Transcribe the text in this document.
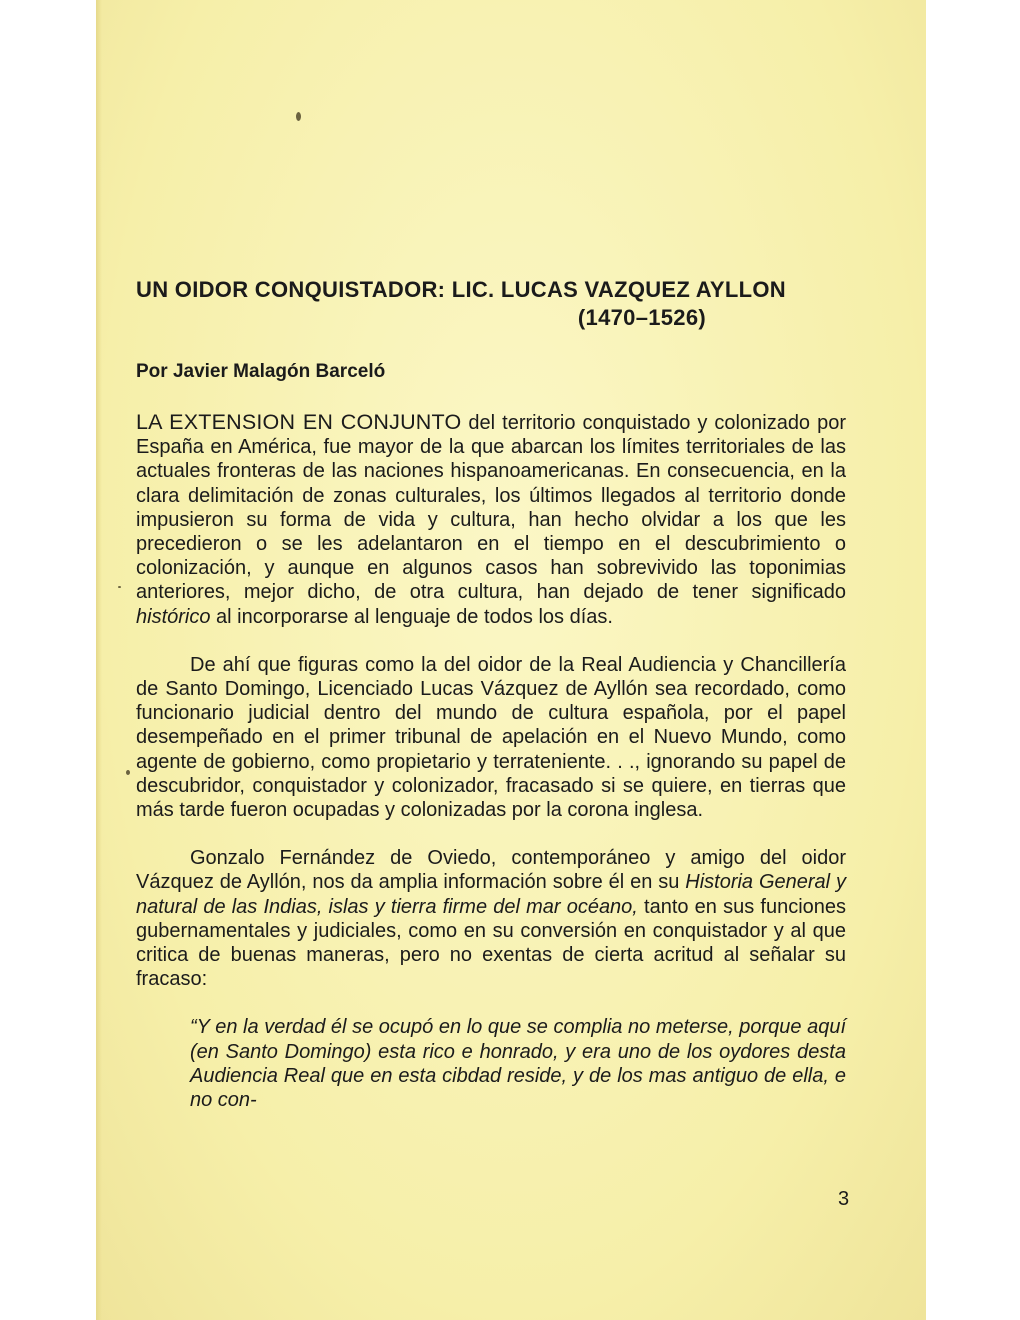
UN OIDOR CONQUISTADOR: LIC. LUCAS VAZQUEZ AYLLON
(1470–1526)
Por Javier Malagón Barceló

LA EXTENSION EN CONJUNTO del territorio conquistado y colonizado por España en América, fue mayor de la que abarcan los límites territoriales de las actuales fronteras de las naciones hispanoamericanas. En consecuencia, en la clara delimitación de zonas culturales, los últimos llegados al territorio donde impusieron su forma de vida y cultura, han hecho olvidar a los que les precedieron o se les adelantaron en el tiempo en el descubrimiento o colonización, y aunque en algunos casos han sobrevivido las toponimias anteriores, mejor dicho, de otra cultura, han dejado de tener significado histórico al incorporarse al lenguaje de todos los días.

De ahí que figuras como la del oidor de la Real Audiencia y Chancillería de Santo Domingo, Licenciado Lucas Vázquez de Ayllón sea recordado, como funcionario judicial dentro del mundo de cultura española, por el papel desempeñado en el primer tribunal de apelación en el Nuevo Mundo, como agente de gobierno, como propietario y terrateniente. . ., ignorando su papel de descubridor, conquistador y colonizador, fracasado si se quiere, en tierras que más tarde fueron ocupadas y colonizadas por la corona inglesa.

Gonzalo Fernández de Oviedo, contemporáneo y amigo del oidor Vázquez de Ayllón, nos da amplia información sobre él en su Historia General y natural de las Indias, islas y tierra firme del mar océano, tanto en sus funciones gubernamentales y judiciales, como en su conversión en conquistador y al que critica de buenas maneras, pero no exentas de cierta acritud al señalar su fracaso:

“Y en la verdad él se ocupó en lo que se complia no meterse, porque aquí (en Santo Domingo) esta rico e honrado, y era uno de los oydores desta Audiencia Real que en esta cibdad reside, y de los mas antiguo de ella, e no con-

3
